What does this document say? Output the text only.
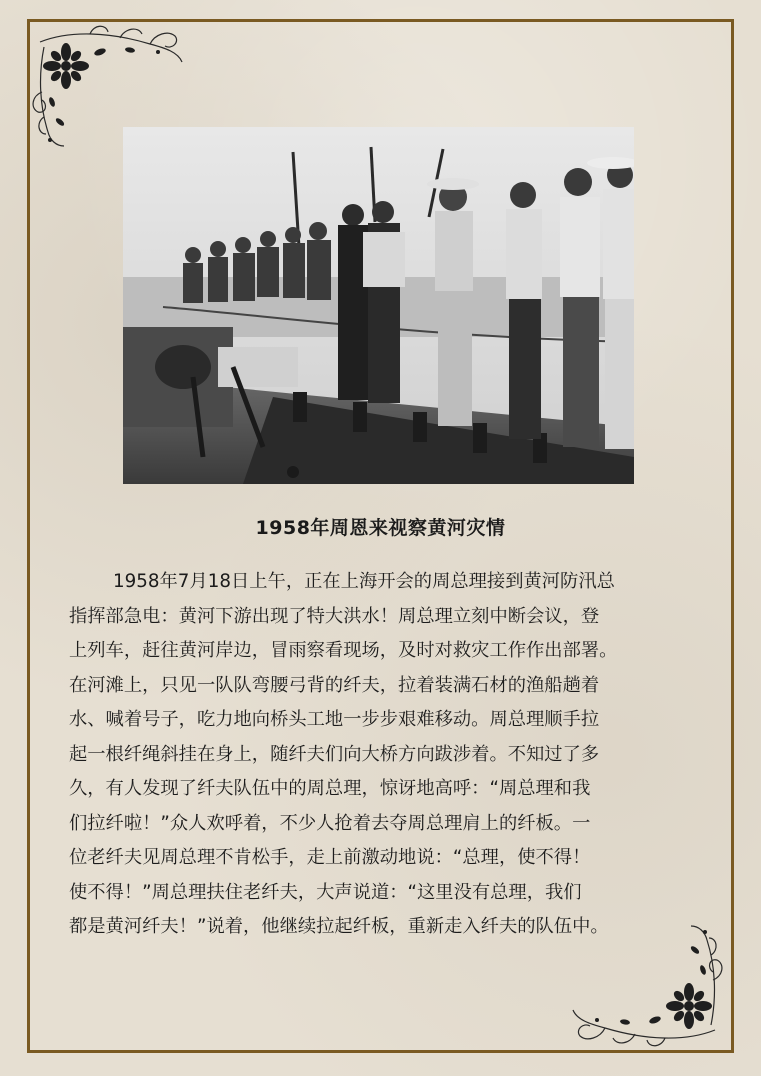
1958年周恩来视察黄河灾情

1958年7月18日上午，正在上海开会的周总理接到黄河防汛总
指挥部急电：黄河下游出现了特大洪水！周总理立刻中断会议，登
上列车，赶往黄河岸边，冒雨察看现场，及时对救灾工作作出部署。
在河滩上，只见一队队弯腰弓背的纤夫，拉着装满石材的渔船趟着
水、喊着号子，吃力地向桥头工地一步步艰难移动。周总理顺手拉
起一根纤绳斜挂在身上，随纤夫们向大桥方向跋涉着。不知过了多
久，有人发现了纤夫队伍中的周总理，惊讶地高呼：“周总理和我
们拉纤啦！”众人欢呼着，不少人抢着去夺周总理肩上的纤板。一
位老纤夫见周总理不肯松手，走上前激动地说：“总理，使不得！
使不得！”周总理扶住老纤夫，大声说道：“这里没有总理，我们
都是黄河纤夫！”说着，他继续拉起纤板，重新走入纤夫的队伍中。
